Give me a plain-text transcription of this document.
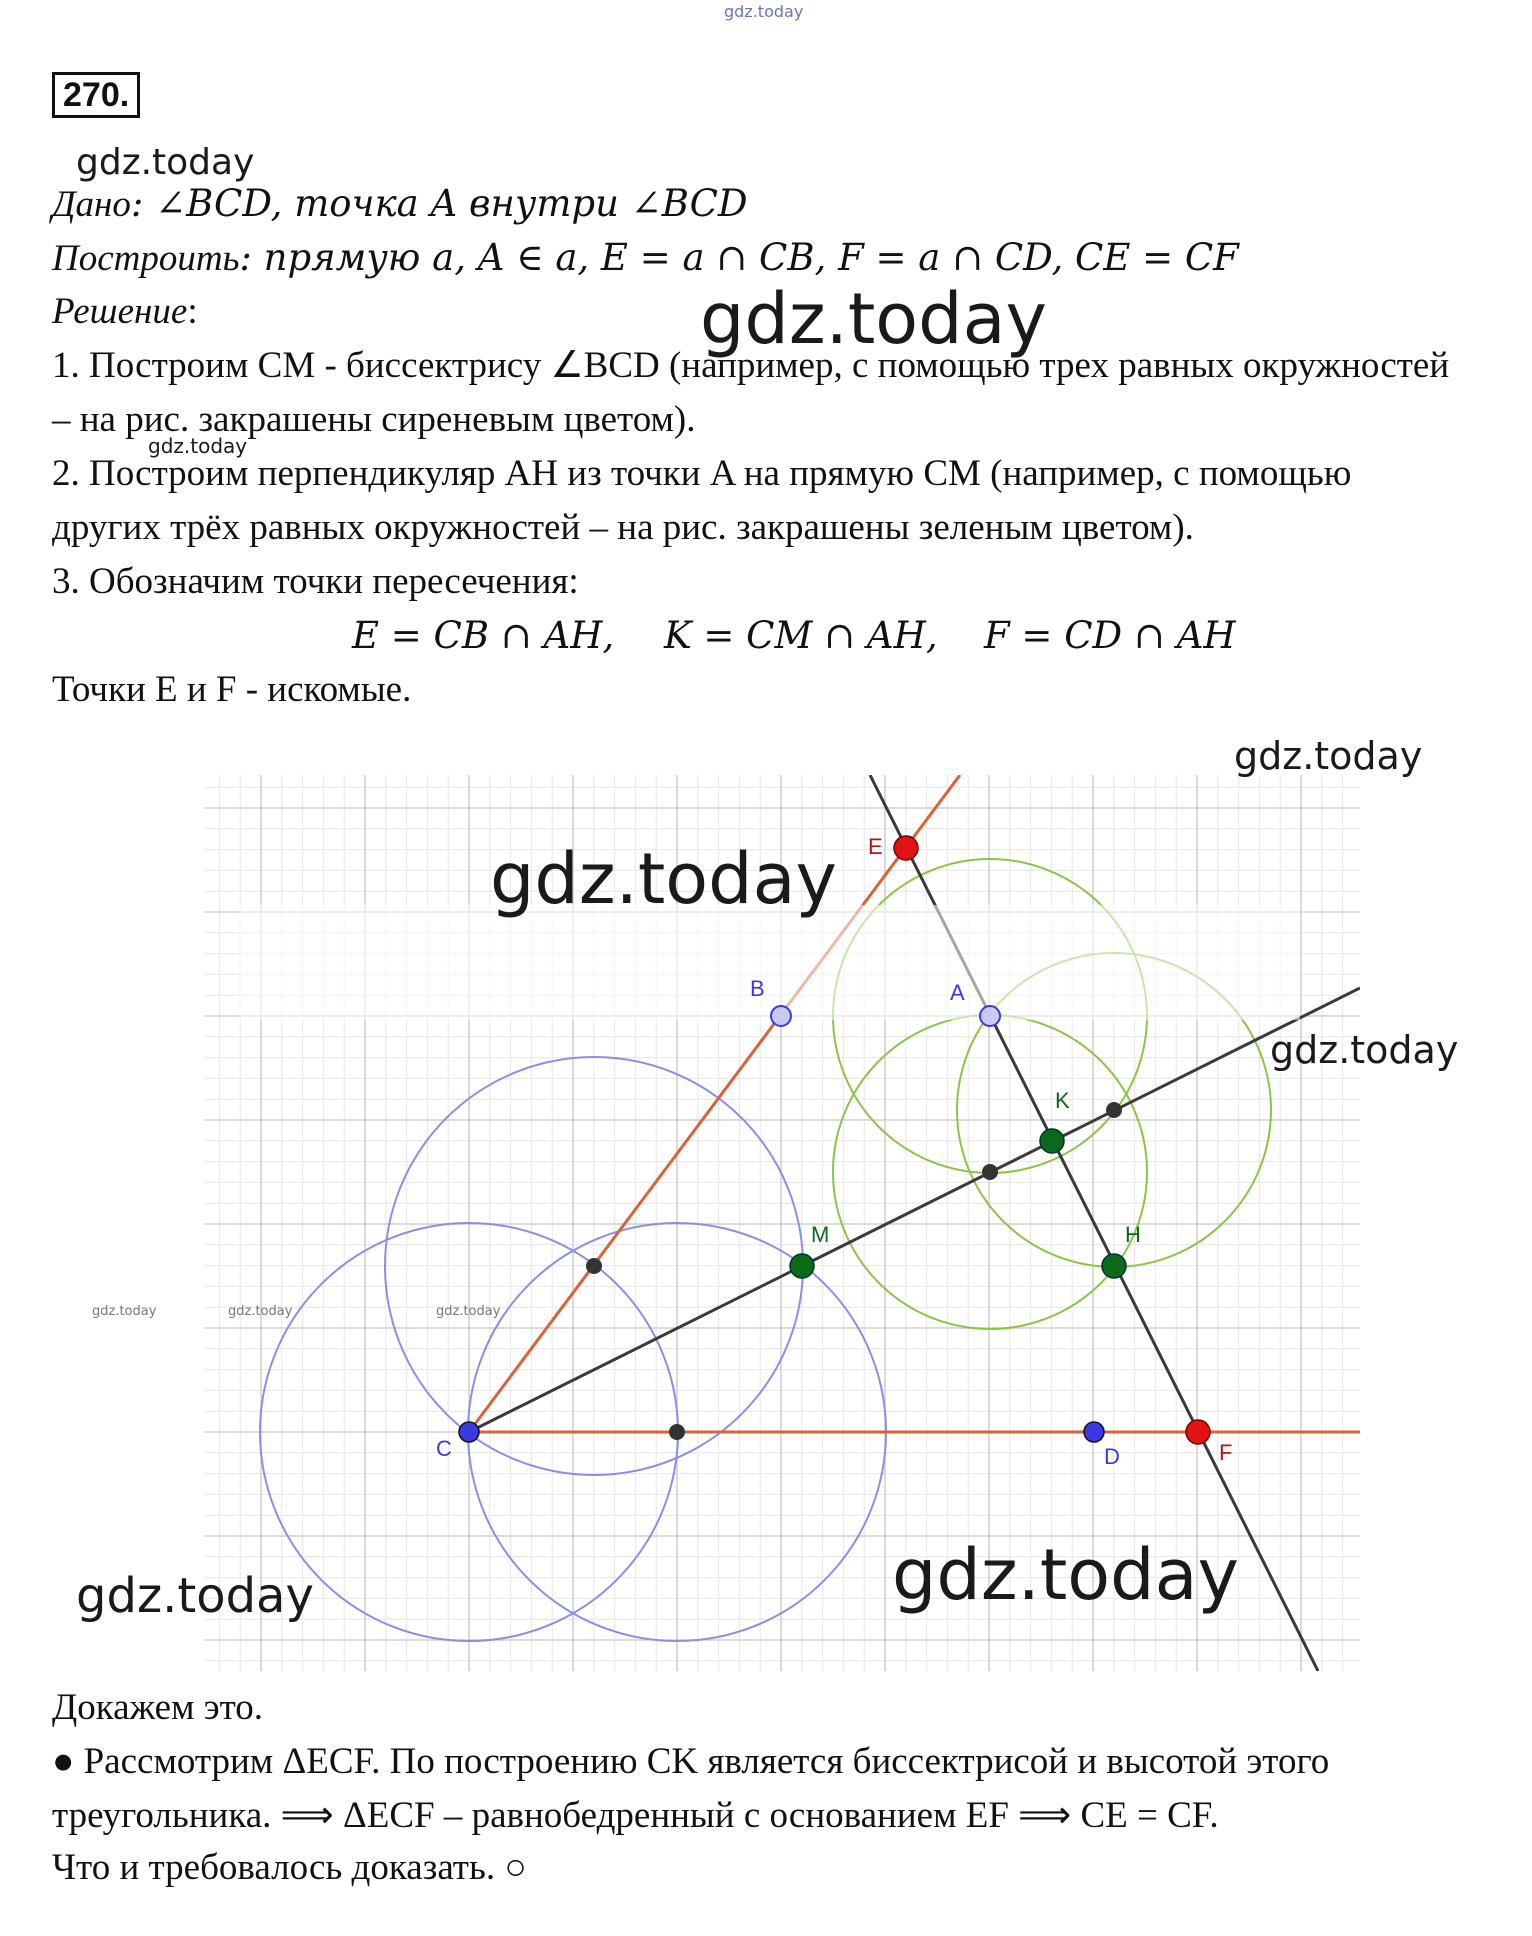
gdz.today
270.
gdz.today
Дано: ∠BCD, точка A внутри ∠BCD
Построить: прямую a, A ∈ a, E = a ∩ CB, F = a ∩ CD, CE = CF
Решение:	gdz.today
1. Построим CM - биссектрису ∠BCD (например, с помощью трех равных окружностей
– на рис. закрашены сиреневым цветом).
gdz.today
2. Построим перпендикуляр AH из точки A на прямую CM (например, с помощью
других трёх равных окружностей – на рис. закрашены зеленым цветом).
3. Обозначим точки пересечения:
E = CB ∩ AH, K = CM ∩ AH, F = CD ∩ AH
Точки E и F - искомые.
E
B	A
K
M	H
C	D	F
gdz.today
gdz.today
gdz.today
gdz.today	gdz.today	gdz.today
gdz.today
gdz.today
Докажем это.
● Рассмотрим ΔECF. По построению CK является биссектрисой и высотой этого
треугольника. ⟹ ΔECF – равнобедренный с основанием EF ⟹ CE = CF.
Что и требовалось доказать. ○
